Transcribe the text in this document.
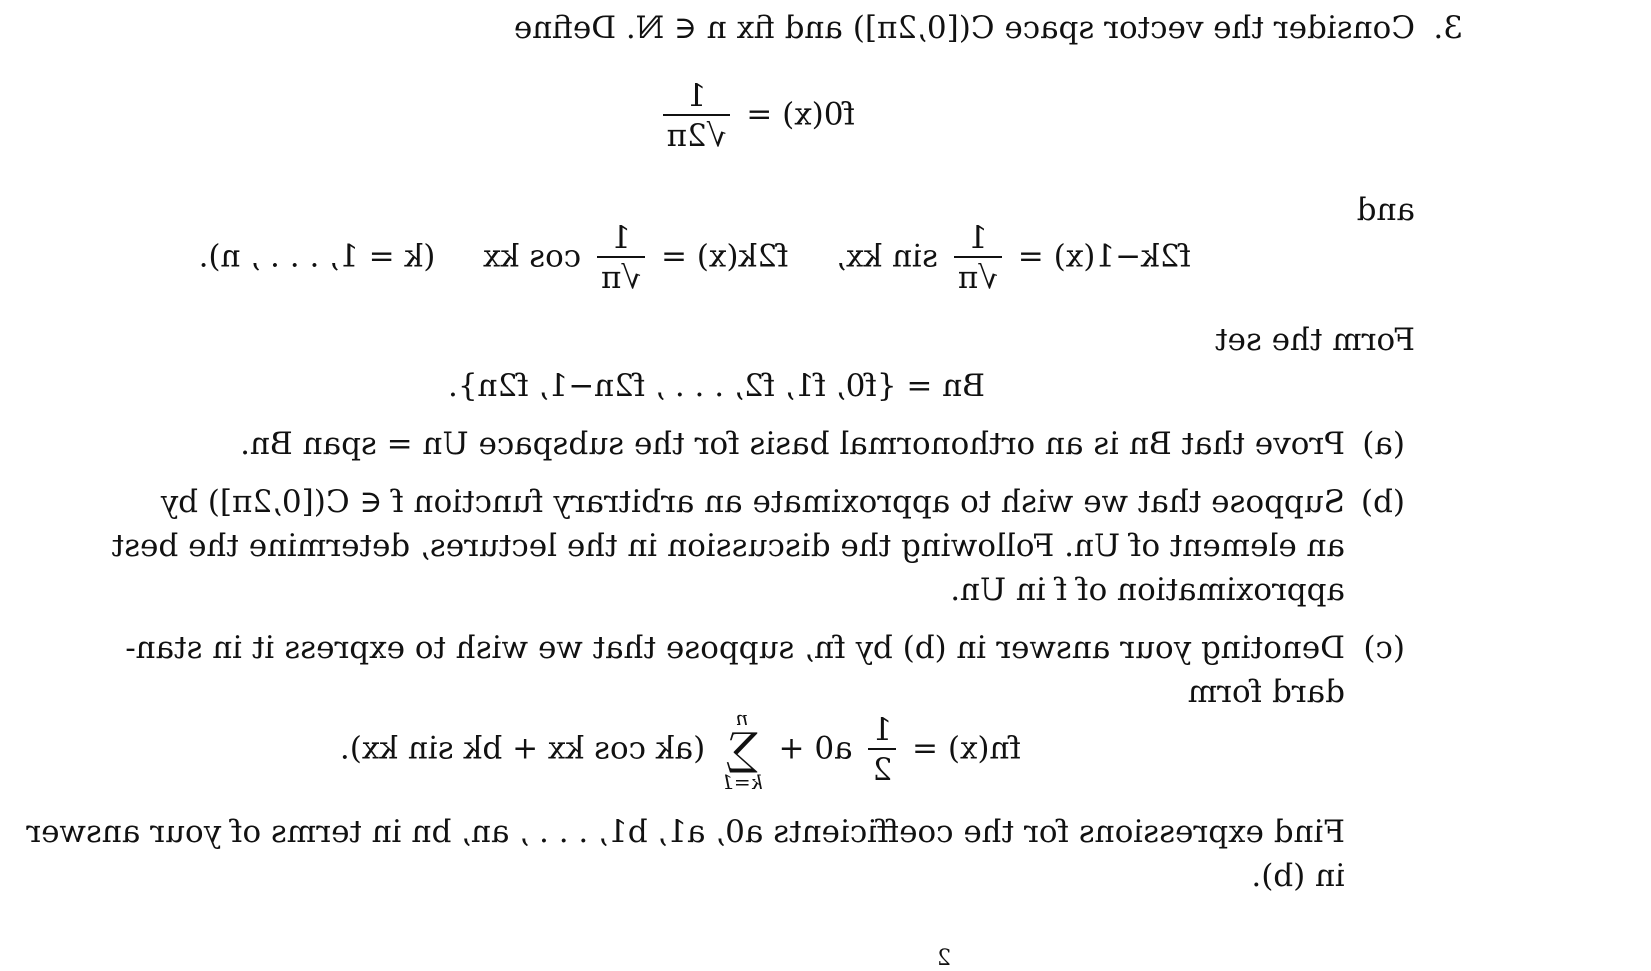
3.
Consider the vector space C([0,2π]) and fix n ∈ ℕ. Define
f0(x) =
$\frac{1}{√2\pi}$
and
f2k−1(x) =
$\frac{1}{√\pi}$
sin kx,  f2k(x) =
$\frac{1}{√\pi}$
cos kx  (k = 1, . . . , n).
Form the set
Bn = {f0, f1, f2, . . . , f2n−1, f2n}.
(a)
Prove that Bn is an orthonormal basis for the subspace Un = span Bn.
(b)
Suppose that we wish to approximate an arbitrary function f ∈ C([0,2π]) by
an element of Un. Following the discussion in the lectures, determine the best
approximation of f in Un.
(c)
Denoting your answer in (b) by fn, suppose that we wish to express it in stan-
dard form
fn(x) =
$\frac{1}{2}$
a0 +
n
∑
k=1
(ak cos kx + bk sin kx).
Find expressions for the coefficients a0, a1, b1, . . . , an, bn in terms of your answer
in (b).
2
